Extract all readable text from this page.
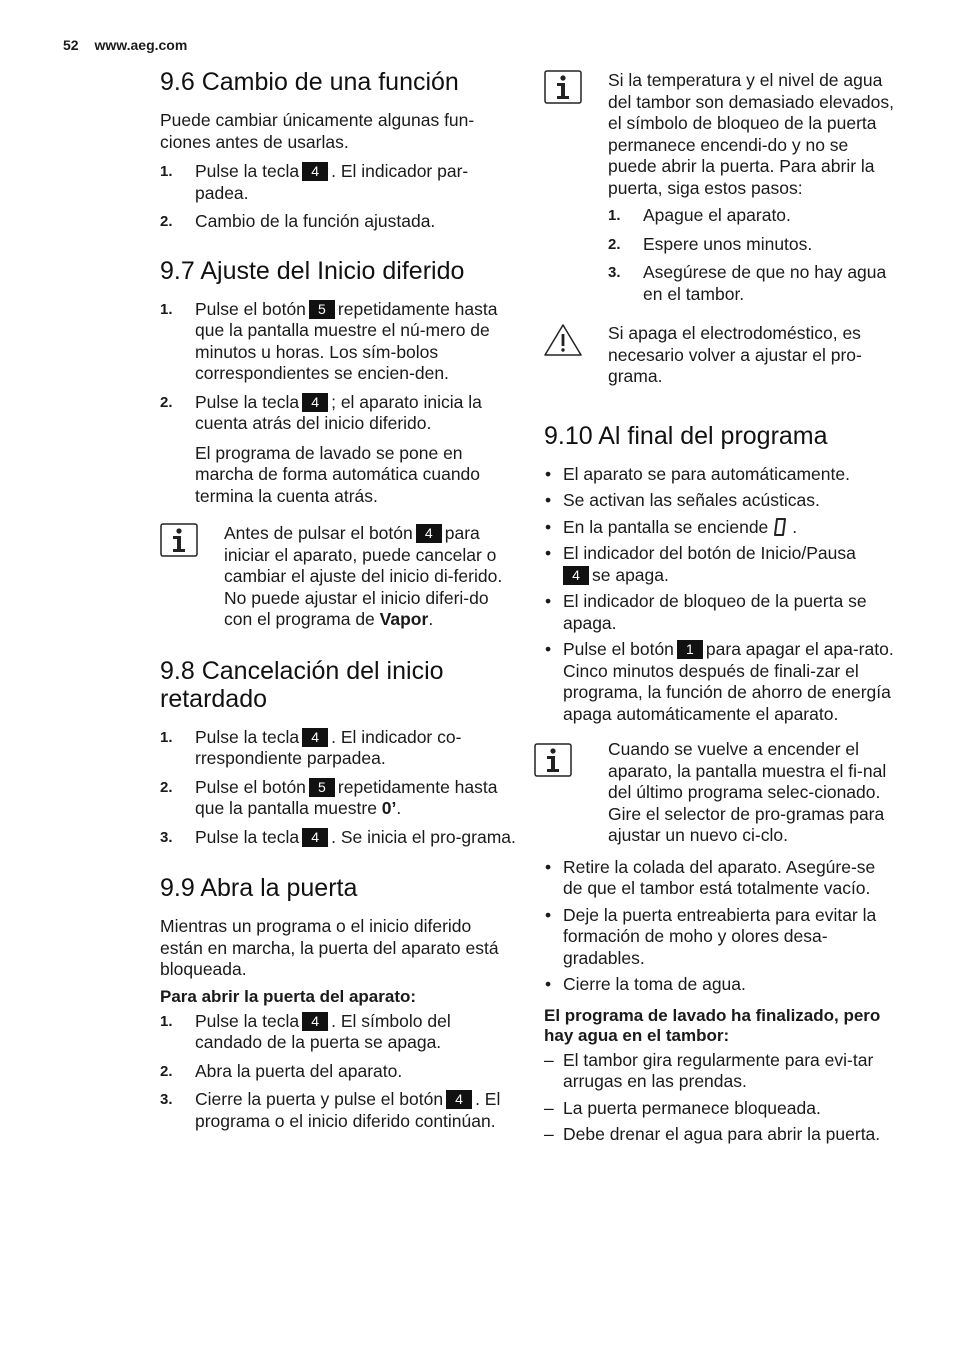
52 www.aeg.com
9.6 Cambio de una función

Puede cambiar únicamente algunas fun-ciones antes de usarlas.

1. Pulse la tecla 4 . El indicador par-padea.
2. Cambio de la función ajustada.
9.7 Ajuste del Inicio diferido
1. Pulse el botón 5 repetidamente hasta que la pantalla muestre el nú-mero de minutos u horas. Los sím-bolos correspondientes se encien-den.
2. Pulse la tecla 4 ; el aparato inicia la cuenta atrás del inicio diferido.
El programa de lavado se pone en marcha de forma automática cuando termina la cuenta atrás.

Antes de pulsar el botón 4 para iniciar el aparato, puede cancelar o cambiar el ajuste del inicio di-ferido.

No puede ajustar el inicio diferi-do con el programa de Vapor.

9.8 Cancelación del inicio retardado
1. Pulse la tecla 4 . El indicador co-rrespondiente parpadea.
2. Pulse el botón 5 repetidamente hasta que la pantalla muestre 0’.
3. Pulse la tecla 4 . Se inicia el pro-grama.
9.9 Abra la puerta

Mientras un programa o el inicio diferido están en marcha, la puerta del aparato está bloqueada.

Para abrir la puerta del aparato:
1. Pulse la tecla 4 . El símbolo del candado de la puerta se apaga.
2. Abra la puerta del aparato.
3. Cierre la puerta y pulse el botón 4 . El programa o el inicio diferido continúan.

Si la temperatura y el nivel de agua del tambor son demasiado elevados, el símbolo de bloqueo de la puerta permanece encendi-do y no se puede abrir la puerta. Para abrir la puerta, siga estos pasos:

1. Apague el aparato.
2. Espere unos minutos.
3. Asegúrese de que no hay agua en el tambor.

Si apaga el electrodoméstico, es necesario volver a ajustar el pro-grama.

9.10 Al final del programa
• El aparato se para automáticamente.
• Se activan las señales acústicas.
• En la pantalla se enciende .
• El indicador del botón de Inicio/Pausa
4 se apaga.
• El indicador de bloqueo de la puerta se apaga.
• Pulse el botón 1 para apagar el apa-rato. Cinco minutos después de finali-zar el programa, la función de ahorro de energía apaga automáticamente el aparato.

Cuando se vuelve a encender el aparato, la pantalla muestra el fi-nal del último programa selec-cionado. Gire el selector de pro-gramas para ajustar un nuevo ci-clo.

• Retire la colada del aparato. Asegúre-se de que el tambor está totalmente vacío.
• Deje la puerta entreabierta para evitar la formación de moho y olores desa-gradables.
• Cierre la toma de agua.
El programa de lavado ha finalizado, pero hay agua en el tambor:
– El tambor gira regularmente para evi-tar arrugas en las prendas.
– La puerta permanece bloqueada.
– Debe drenar el agua para abrir la puerta.
